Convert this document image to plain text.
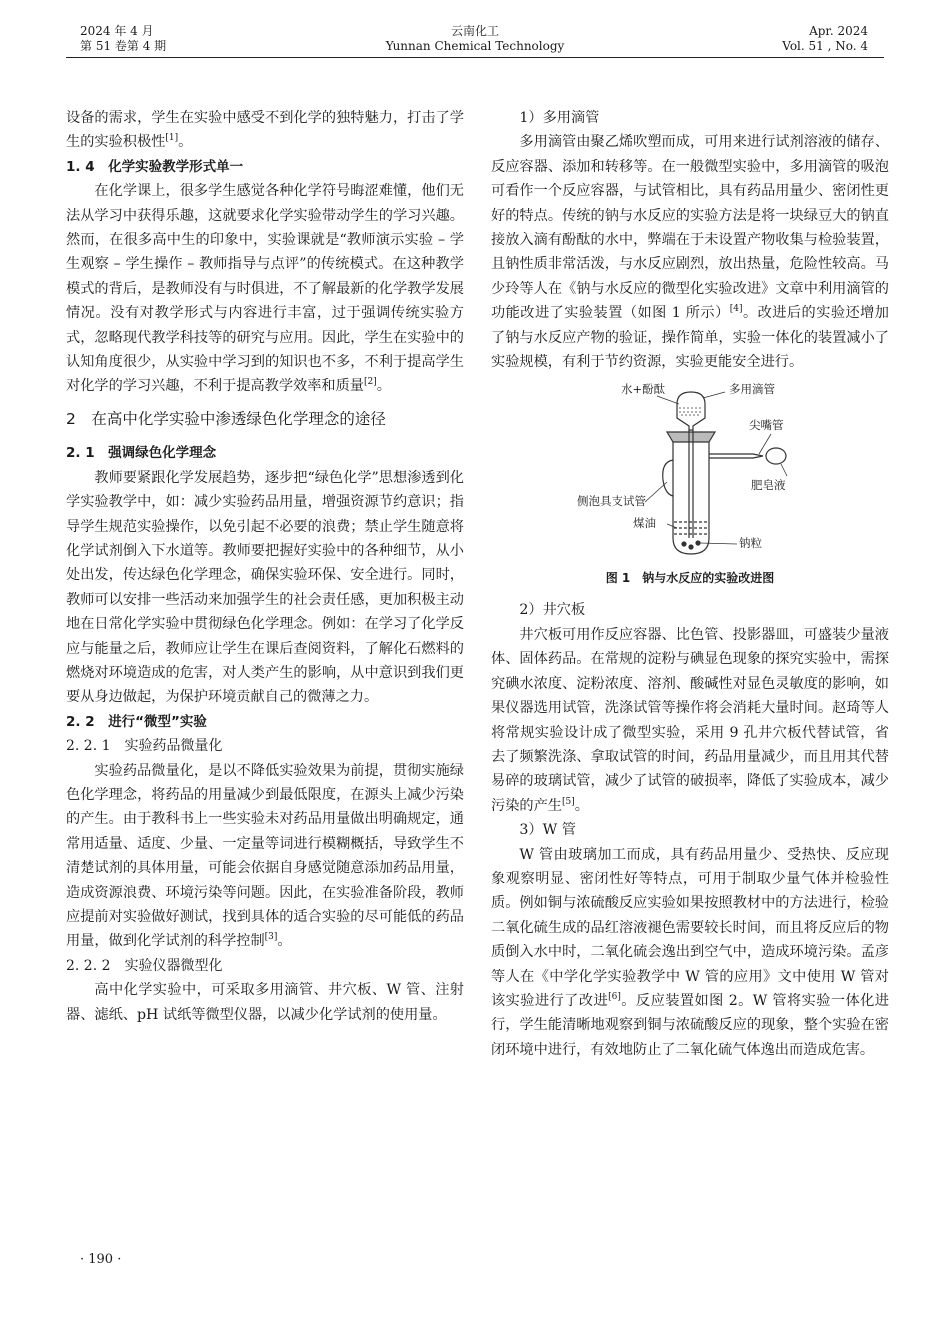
2024 年 4 月
第 51 卷第 4 期
云南化工
Yunnan Chemical Technology
Apr. 2024
Vol. 51 , No. 4

设备的需求，学生在实验中感受不到化学的独特魅力，打击了学生的实验积极性[1]。

1. 4　化学实验教学形式单一

在化学课上，很多学生感觉各种化学符号晦涩难懂，他们无法从学习中获得乐趣，这就要求化学实验带动学生的学习兴趣。然而，在很多高中生的印象中，实验课就是“教师演示实验 – 学生观察 – 学生操作 – 教师指导与点评”的传统模式。在这种教学模式的背后，是教师没有与时俱进，不了解最新的化学教学发展情况。没有对教学形式与内容进行丰富，过于强调传统实验方式，忽略现代教学科技等的研究与应用。因此，学生在实验中的认知角度很少，从实验中学习到的知识也不多，不利于提高学生对化学的学习兴趣，不利于提高教学效率和质量[2]。

2　在高中化学实验中渗透绿色化学理念的途径

2. 1　强调绿色化学理念

教师要紧跟化学发展趋势，逐步把“绿色化学”思想渗透到化学实验教学中，如：减少实验药品用量，增强资源节约意识；指导学生规范实验操作，以免引起不必要的浪费；禁止学生随意将化学试剂倒入下水道等。教师要把握好实验中的各种细节，从小处出发，传达绿色化学理念，确保实验环保、安全进行。同时，教师可以安排一些活动来加强学生的社会责任感，更加积极主动地在日常化学实验中贯彻绿色化学理念。例如：在学习了化学反应与能量之后，教师应让学生在课后查阅资料，了解化石燃料的燃烧对环境造成的危害，对人类产生的影响，从中意识到我们更要从身边做起，为保护环境贡献自己的微薄之力。

2. 2　进行“微型”实验

2. 2. 1　实验药品微量化

实验药品微量化，是以不降低实验效果为前提，贯彻实施绿色化学理念，将药品的用量减少到最低限度，在源头上减少污染的产生。由于教科书上一些实验未对药品用量做出明确规定，通常用适量、适度、少量、一定量等词进行模糊概括，导致学生不清楚试剂的具体用量，可能会依据自身感觉随意添加药品用量，造成资源浪费、环境污染等问题。因此，在实验准备阶段，教师应提前对实验做好测试，找到具体的适合实验的尽可能低的药品用量，做到化学试剂的科学控制[3]。

2. 2. 2　实验仪器微型化

高中化学实验中，可采取多用滴管、井穴板、W 管、注射器、滤纸、pH 试纸等微型仪器，以减少化学试剂的使用量。

1）多用滴管

多用滴管由聚乙烯吹塑而成，可用来进行试剂溶液的储存、反应容器、添加和转移等。在一般微型实验中，多用滴管的吸泡可看作一个反应容器，与试管相比，具有药品用量少、密闭性更好的特点。传统的钠与水反应的实验方法是将一块绿豆大的钠直接放入滴有酚酞的水中，弊端在于未设置产物收集与检验装置，且钠性质非常活泼，与水反应剧烈，放出热量，危险性较高。马少玲等人在《钠与水反应的微型化实验改进》文章中利用滴管的功能改进了实验装置（如图 1 所示）[4]。改进后的实验还增加了钠与水反应产物的验证，操作简单，实验一体化的装置减小了实验规模，有利于节约资源，实验更能安全进行。

水+酚酞	多用滴管
尖嘴管
肥皂液
侧泡具支试管
煤油
钠粒
图 1　钠与水反应的实验改进图

2）井穴板

井穴板可用作反应容器、比色管、投影器皿，可盛装少量液体、固体药品。在常规的淀粉与碘显色现象的探究实验中，需探究碘水浓度、淀粉浓度、溶剂、酸碱性对显色灵敏度的影响，如果仪器选用试管，洗涤试管等操作将会消耗大量时间。赵琦等人将常规实验设计成了微型实验，采用 9 孔井穴板代替试管，省去了频繁洗涤、拿取试管的时间，药品用量减少，而且用其代替易碎的玻璃试管，减少了试管的破损率，降低了实验成本，减少污染的产生[5]。

3）W 管

W 管由玻璃加工而成，具有药品用量少、受热快、反应现象观察明显、密闭性好等特点，可用于制取少量气体并检验性质。例如铜与浓硫酸反应实验如果按照教材中的方法进行，检验二氧化硫生成的品红溶液褪色需要较长时间，而且将反应后的物质倒入水中时，二氧化硫会逸出到空气中，造成环境污染。孟彦等人在《中学化学实验教学中 W 管的应用》文中使用 W 管对该实验进行了改进[6]。反应装置如图 2。W 管将实验一体化进行，学生能清晰地观察到铜与浓硫酸反应的现象，整个实验在密闭环境中进行，有效地防止了二氧化硫气体逸出而造成危害。

· 190 ·
